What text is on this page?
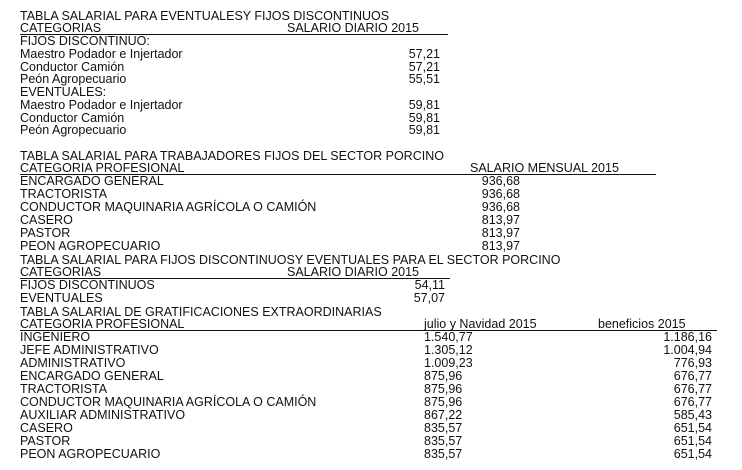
TABLA SALARIAL PARA EVENTUALESY FIJOS DISCONTINUOS
CATEGORIAS	SALARIO DIARIO 2015
FIJOS DISCONTINUO:
Maestro Podador e Injertador	57,21
Conductor Camión	57,21
Peón Agropecuario	55,51
EVENTUALES:
Maestro Podador e Injertador	59,81
Conductor Camión	59,81
Peón Agropecuario	59,81
TABLA SALARIAL PARA TRABAJADORES FIJOS DEL SECTOR PORCINO
CATEGORIA PROFESIONAL	SALARIO MENSUAL 2015
ENCARGADO GENERAL	936,68
TRACTORISTA	936,68
CONDUCTOR MAQUINARIA AGRÍCOLA O CAMIÓN	936,68
CASERO	813,97
PASTOR	813,97
PEON AGROPECUARIO	813,97
TABLA SALARIAL PARA FIJOS DISCONTINUOSY EVENTUALES PARA EL SECTOR PORCINO
CATEGORIAS	SALARIO DIARIO 2015
FIJOS DISCONTINUOS	54,11
EVENTUALES	57,07
TABLA SALARIAL DE GRATIFICACIONES EXTRAORDINARIAS
CATEGORIA PROFESIONAL	julio y Navidad 2015	beneficios 2015
INGENIERO	1.540,77	1.186,16
JEFE ADMINISTRATIVO	1.305,12	1.004,94
ADMINISTRATIVO	1.009,23	776,93
ENCARGADO GENERAL	875,96	676,77
TRACTORISTA	875,96	676,77
CONDUCTOR MAQUINARIA AGRÍCOLA O CAMIÓN	875,96	676,77
AUXILIAR ADMINISTRATIVO	867,22	585,43
CASERO	835,57	651,54
PASTOR	835,57	651,54
PEON AGROPECUARIO	835,57	651,54
